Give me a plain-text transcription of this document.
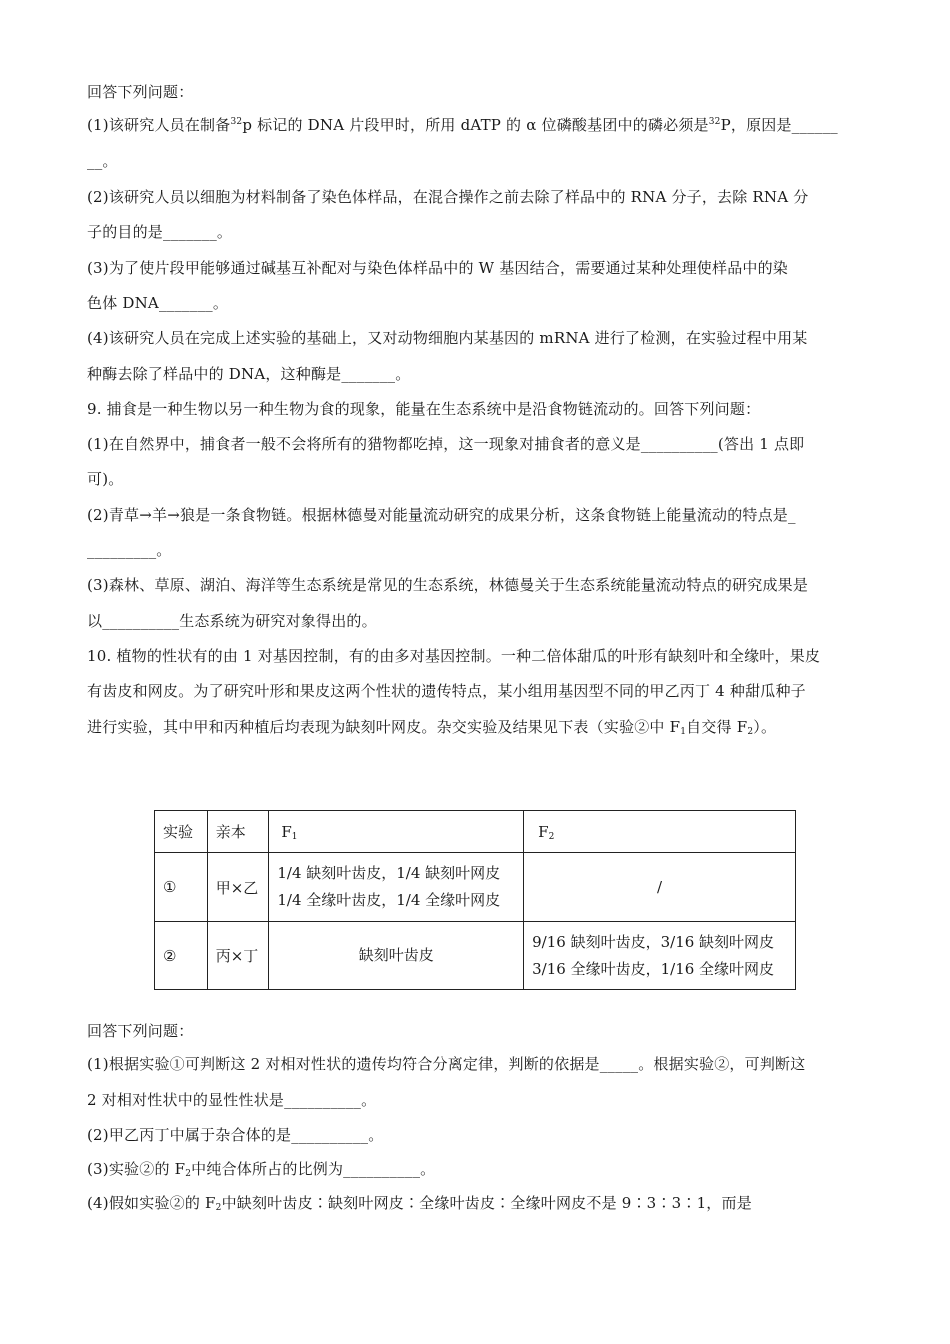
回答下列问题：
(1)该研究人员在制备$^{32}$p 标记的 DNA 片段甲时，所用 dATP 的 α 位磷酸基团中的磷必须是$^{32}$P，原因是______
__。
(2)该研究人员以细胞为材料制备了染色体样品，在混合操作之前去除了样品中的 RNA 分子，去除 RNA 分
子的目的是_______。
(3)为了使片段甲能够通过碱基互补配对与染色体样品中的 W 基因结合，需要通过某种处理使样品中的染
色体 DNA_______。
(4)该研究人员在完成上述实验的基础上，又对动物细胞内某基因的 mRNA 进行了检测，在实验过程中用某
种酶去除了样品中的 DNA，这种酶是_______。
9. 捕食是一种生物以另一种生物为食的现象，能量在生态系统中是沿食物链流动的。回答下列问题：
(1)在自然界中，捕食者一般不会将所有的猎物都吃掉，这一现象对捕食者的意义是__________(答出 1 点即
可)。
(2)青草→羊→狼是一条食物链。根据林德曼对能量流动研究的成果分析，这条食物链上能量流动的特点是_
_________。
(3)森林、草原、湖泊、海洋等生态系统是常见的生态系统，林德曼关于生态系统能量流动特点的研究成果是
以__________生态系统为研究对象得出的。
10. 植物的性状有的由 1 对基因控制，有的由多对基因控制。一种二倍体甜瓜的叶形有缺刻叶和全缘叶，果皮
有齿皮和网皮。为了研究叶形和果皮这两个性状的遗传特点，某小组用基因型不同的甲乙丙丁 4 种甜瓜种子
进行实验，其中甲和丙种植后均表现为缺刻叶网皮。杂交实验及结果见下表（实验②中 $F_1$自交得 $F_2$）。
实验	亲本	$F_1$	$F_2$
①	甲×乙	1/4 缺刻叶齿皮，1/4 缺刻叶网皮
1/4 全缘叶齿皮，1/4 全缘叶网皮	/

②	丙×丁	缺刻叶齿皮	9/16 缺刻叶齿皮，3/16 缺刻叶网皮
3/16 全缘叶齿皮，1/16 全缘叶网皮
回答下列问题：
(1)根据实验①可判断这 2 对相对性状的遗传均符合分离定律，判断的依据是_____。根据实验②，可判断这
2 对相对性状中的显性性状是__________。
(2)甲乙丙丁中属于杂合体的是__________。
(3)实验②的 $F_2$中纯合体所占的比例为__________。
(4)假如实验②的 $F_2$中缺刻叶齿皮∶缺刻叶网皮∶全缘叶齿皮∶全缘叶网皮不是 9∶3∶3∶1，而是
